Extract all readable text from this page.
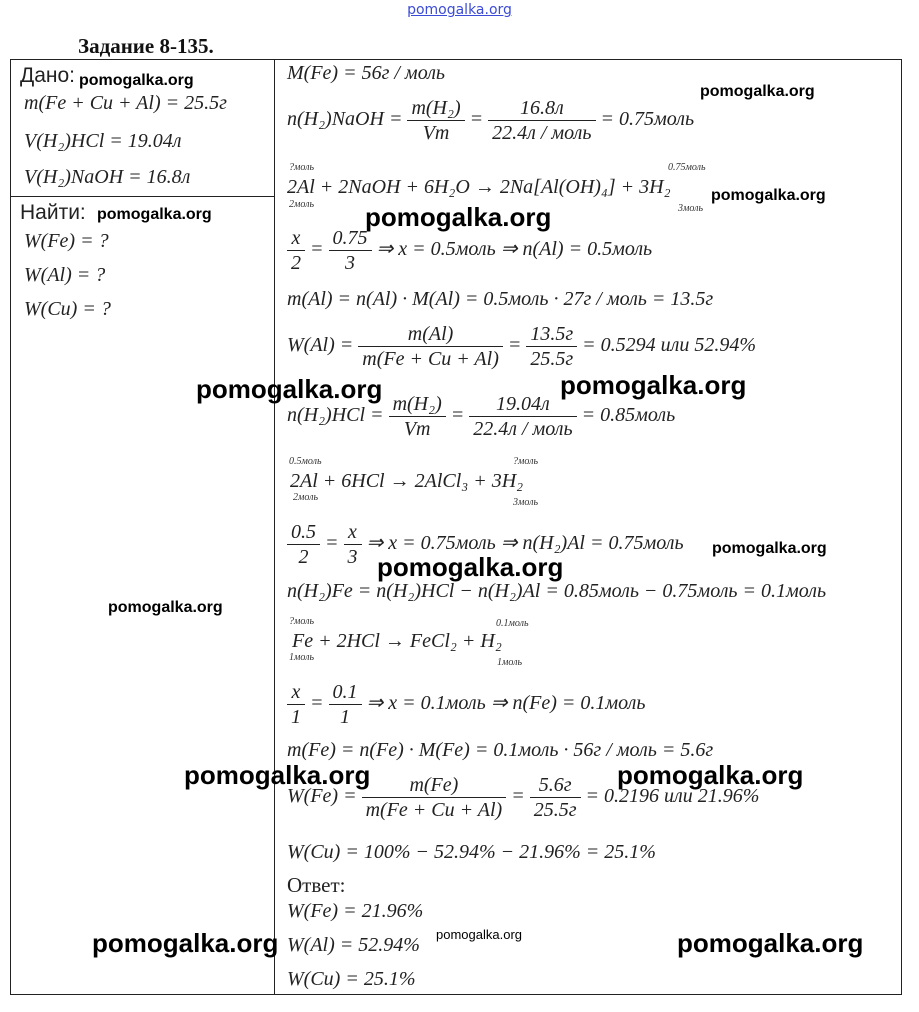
pomogalka.org
Задание 8-135.
Дано:
m(Fe + Cu + Al) = 25.5г
V(H₂)HCl = 19.04л
V(H₂)NaOH = 16.8л
Найти:
W(Fe) = ?
W(Al) = ?
W(Cu) = ?
M(Fe) = 56г / моль
n(H₂)NaOH = $\frac{\text{m(H₂)}}{Vm} = \frac{16.8л}{\text{22.4л / моль}}$ = 0.75моль
?моль
2моль
0.75моль
3моль
2Al + 2NaOH + 6H₂O → 2Na[Al(OH)₄] + 3H₂
$\frac{x}{2} = \frac{0.75}{3}$ ⇒ x = 0.5моль ⇒ n(Al) = 0.5моль
m(Al) = n(Al) · M(Al) = 0.5моль · 27г / моль = 13.5г
$W(Al) = \frac{m(Al)}{m(Fe + Cu + Al)} = \frac{13.5г}{25.5г} = 0.5294$ или 52.94%
$n(H_2)HCl = \frac{\text{m(H₂)}}{Vm} = \frac{19.04л}{\text{22.4л / моль}}$ = 0.85моль
0.5моль
2моль
?моль
3моль
2Al + 6HCl → 2AlCl₃ + 3H₂
$\frac{0.5}{2} = \frac{x}{3}$ ⇒ x = 0.75моль ⇒ n(H₂)Al = 0.75моль
n(H₂)Fe = n(H₂)HCl − n(H₂)Al = 0.85моль − 0.75моль = 0.1моль
?моль
1моль
0.1моль
1моль
Fe + 2HCl → FeCl₂ + H₂
$\frac{x}{1} = \frac{0.1}{1}$ ⇒ x = 0.1моль ⇒ n(Fe) = 0.1моль
m(Fe) = n(Fe) · M(Fe) = 0.1моль · 56г / моль = 5.6г
$W(Fe) = \frac{m(Fe)}{m(Fe + Cu + Al)} = \frac{5.6г}{25.5г} = 0.2196$ или 21.96%
W(Cu) = 100% − 52.94% − 21.96% = 25.1%
Ответ:
W(Fe) = 21.96%
W(Al) = 52.94%
W(Cu) = 25.1%
pomogalka.org
pomogalka.org
pomogalka.org
pomogalka.org	pomogalka.org
pomogalka.org	pomogalka.org
pomogalka.org
pomogalka.org
pomogalka.org
pomogalka.org	pomogalka.org
pomogalka.org	pomogalka.org	pomogalka.org
